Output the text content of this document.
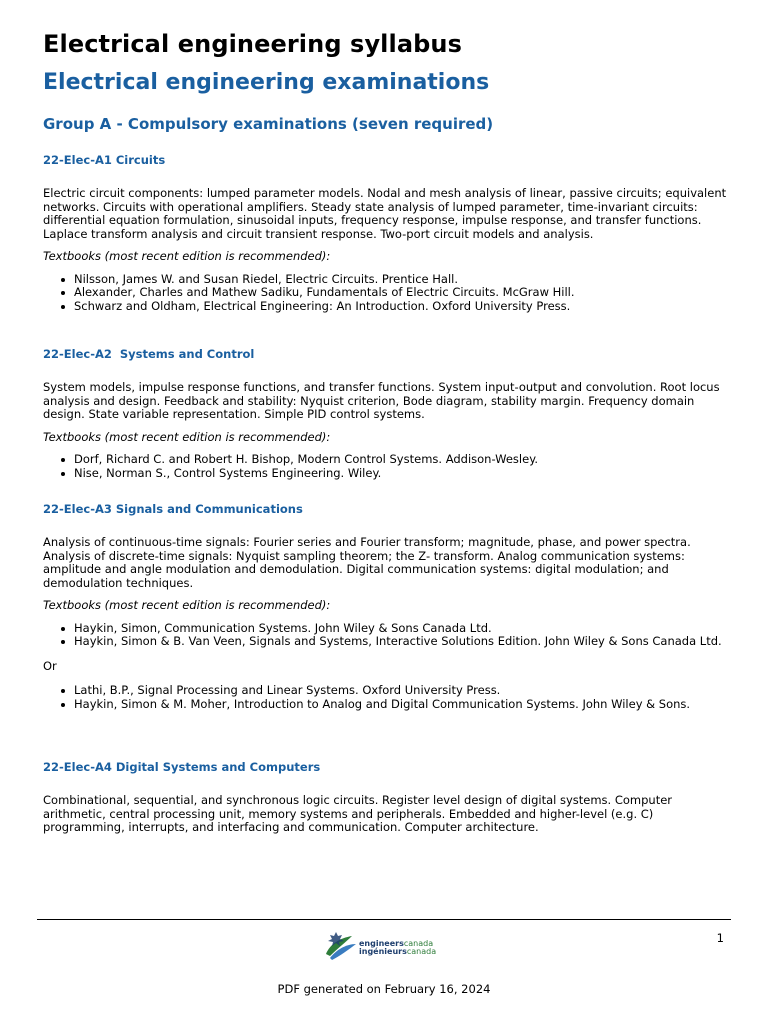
Electrical engineering syllabus
Electrical engineering examinations
Group A - Compulsory examinations (seven required)
22-Elec-A1 Circuits

Electric circuit components: lumped parameter models. Nodal and mesh analysis of linear, passive circuits; equivalent networks. Circuits with operational amplifiers. Steady state analysis of lumped parameter, time-invariant circuits: differential equation formulation, sinusoidal inputs, frequency response, impulse response, and transfer functions. Laplace transform analysis and circuit transient response. Two-port circuit models and analysis.

Textbooks (most recent edition is recommended):

Nilsson, James W. and Susan Riedel, Electric Circuits. Prentice Hall.
Alexander, Charles and Mathew Sadiku, Fundamentals of Electric Circuits. McGraw Hill.
Schwarz and Oldham, Electrical Engineering: An Introduction. Oxford University Press.
22-Elec-A2  Systems and Control

System models, impulse response functions, and transfer functions. System input-output and convolution. Root locus analysis and design. Feedback and stability: Nyquist criterion, Bode diagram, stability margin. Frequency domain design. State variable representation. Simple PID control systems.

Textbooks (most recent edition is recommended):

Dorf, Richard C. and Robert H. Bishop, Modern Control Systems. Addison-Wesley.
Nise, Norman S., Control Systems Engineering. Wiley.
22-Elec-A3 Signals and Communications

Analysis of continuous-time signals: Fourier series and Fourier transform; magnitude, phase, and power spectra. Analysis of discrete-time signals: Nyquist sampling theorem; the Z- transform. Analog communication systems: amplitude and angle modulation and demodulation. Digital communication systems: digital modulation; and demodulation techniques.

Textbooks (most recent edition is recommended):

Haykin, Simon, Communication Systems. John Wiley & Sons Canada Ltd.
Haykin, Simon & B. Van Veen, Signals and Systems, Interactive Solutions Edition. John Wiley & Sons Canada Ltd.

Or

Lathi, B.P., Signal Processing and Linear Systems. Oxford University Press.
Haykin, Simon & M. Moher, Introduction to Analog and Digital Communication Systems. John Wiley & Sons.
22-Elec-A4 Digital Systems and Computers

Combinational, sequential, and synchronous logic circuits. Register level design of digital systems. Computer arithmetic, central processing unit, memory systems and peripherals. Embedded and higher-level (e.g. C) programming, interrupts, and interfacing and communication. Computer architecture.

1
engineerscanada
ingénieurscanada
PDF generated on February 16, 2024
